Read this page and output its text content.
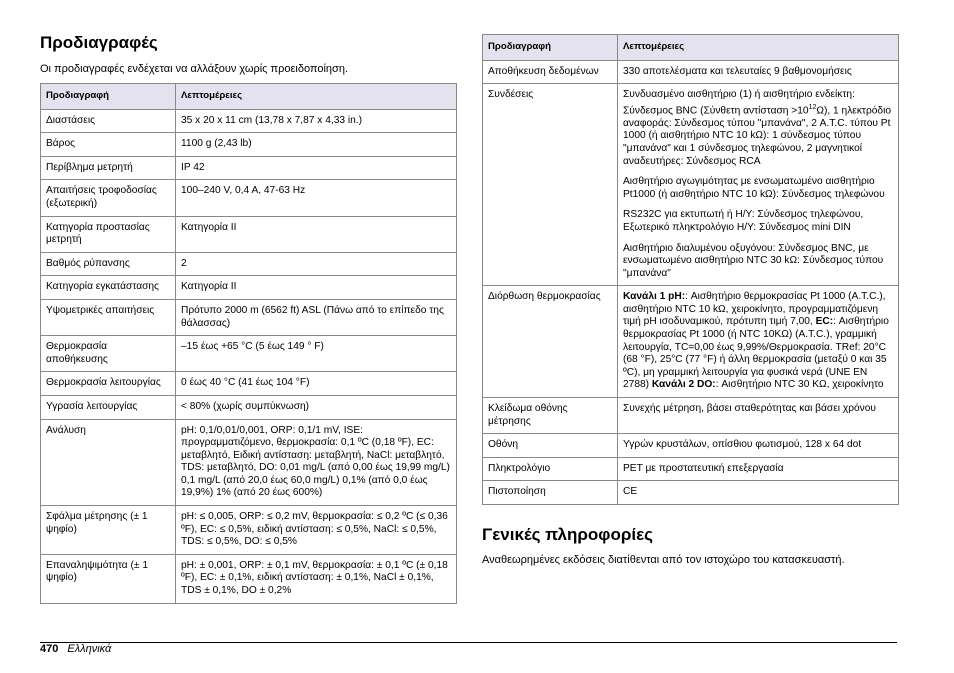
Προδιαγραφές

Οι προδιαγραφές ενδέχεται να αλλάξουν χωρίς προειδοποίηση.

Προδιαγραφή	Λεπτομέρειες
Διαστάσεις	35 x 20 x 11 cm (13,78 x 7,87 x 4,33 in.)
Βάρος	1100 g (2,43 lb)
Περίβλημα μετρητή	IP 42
Απαιτήσεις τροφοδοσίας (εξωτερική)	100–240 V, 0,4 A, 47-63 Hz
Κατηγορία προστασίας μετρητή	Κατηγορία II
Βαθμός ρύπανσης	2
Κατηγορία εγκατάστασης	Κατηγορία II
Υψομετρικές απαιτήσεις	Πρότυπο 2000 m (6562 ft) ASL (Πάνω από το επίπεδο της θάλασσας)
Θερμοκρασία αποθήκευσης	–15 έως +65 °C (5 έως 149 ° F)
Θερμοκρασία λειτουργίας	0 έως 40 °C (41 έως 104 °F)
Υγρασία λειτουργίας	< 80% (χωρίς συμπύκνωση)
Ανάλυση	pH: 0,1/0,01/0,001, ORP: 0,1/1 mV, ISE: προγραμματιζόμενο, θερμοκρασία: 0,1 ºC (0,18 ºF), EC: μεταβλητό, Ειδική αντίσταση: μεταβλητή, NaCl: μεταβλητό, TDS: μεταβλητό, DO: 0,01 mg/L (από 0,00 έως 19,99 mg/L) 0,1 mg/L (από 20,0 έως 60,0 mg/L) 0,1% (από 0,0 έως 19,9%) 1% (από 20 έως 600%)
Σφάλμα μέτρησης (± 1 ψηφίο)	pH: ≤ 0,005, ORP: ≤ 0,2 mV, θερμοκρασία: ≤ 0,2 ºC (≤ 0,36 ºF), EC: ≤ 0,5%, ειδική αντίσταση: ≤ 0,5%, NaCl: ≤ 0,5%, TDS: ≤ 0,5%, DO: ≤ 0,5%
Επαναληψιμότητα (± 1 ψηφίο)	pH: ± 0,001, ORP: ± 0,1 mV, θερμοκρασία: ± 0,1 ºC (± 0,18 ºF), EC: ± 0,1%, ειδική αντίσταση: ± 0,1%, NaCl ± 0,1%, TDS ± 0,1%, DO ± 0,2%
Προδιαγραφή	Λεπτομέρειες
Αποθήκευση δεδομένων	330 αποτελέσματα και τελευταίες 9 βαθμονομήσεις
Συνδέσεις	Συνδυασμένο αισθητήριο (1) ή αισθητήριο ενδείκτη: Σύνδεσμος BNC (Σύνθετη $\alpha\nu\tau ί\sigma\tau\alpha\sigma\eta >10^{12}\Omega$), 1 ηλεκτρόδιο αναφοράς: Σύνδεσμος τύπου "μπανάνα", 2 A.T.C. τύπου Pt 1000 (ή αισθητήριο NTC 10 kΩ): 1 σύνδεσμος τύπου "μπανάνα" και 1 σύνδεσμος τηλεφώνου, 2 μαγνητικοί αναδευτήρες: Σύνδεσμος RCA

Αισθητήριο αγωγιμότητας με ενσωματωμένο αισθητήριο Pt1000 (ή αισθητήριο NTC 10 kΩ): Σύνδεσμος τηλεφώνου

RS232C για εκτυπωτή ή Η/Υ: Σύνδεσμος τηλεφώνου, Εξωτερικό πληκτρολόγιο Η/Υ: Σύνδεσμος mini DIN

Αισθητήριο διαλυμένου οξυγόνου: Σύνδεσμος BNC, με ενσωματωμένο αισθητήριο NTC 30 kΩ: Σύνδεσμος τύπου "μπανάνα"

Διόρθωση θερμοκρασίας	Κανάλι 1 pH:: Αισθητήριο θερμοκρασίας Pt 1000 (A.T.C.), αισθητήριο NTC 10 kΩ, χειροκίνητο, προγραμματιζόμενη τιμή pH ισοδυναμικού, πρότυπη τιμή 7,00, EC:: Αισθητήριο θερμοκρασίας Pt 1000 (ή NTC 10KΩ) (A.T.C.), γραμμική λειτουργία, TC=0,00 έως 9,99%/Θερμοκρασία. TRef: 20°C (68 °F), 25°C (77 °F) ή άλλη θερμοκρασία (μεταξύ 0 και 35 ºC), μη γραμμική λειτουργία για φυσικά νερά (UNE EN 2788) Κανάλι 2 DO:: Αισθητήριο NTC 30 KΩ, χειροκίνητο
Κλείδωμα οθόνης μέτρησης	Συνεχής μέτρηση, βάσει σταθερότητας και βάσει χρόνου
Οθόνη	Υγρών κρυστάλων, οπίσθιου φωτισμού, 128 x 64 dot
Πληκτρολόγιο	PET με προστατευτική επεξεργασία
Πιστοποίηση	CE
Γενικές πληροφορίες

Αναθεωρημένες εκδόσεις διατίθενται από τον ιστοχώρο του κατασκευαστή.

470 Ελληνικά
